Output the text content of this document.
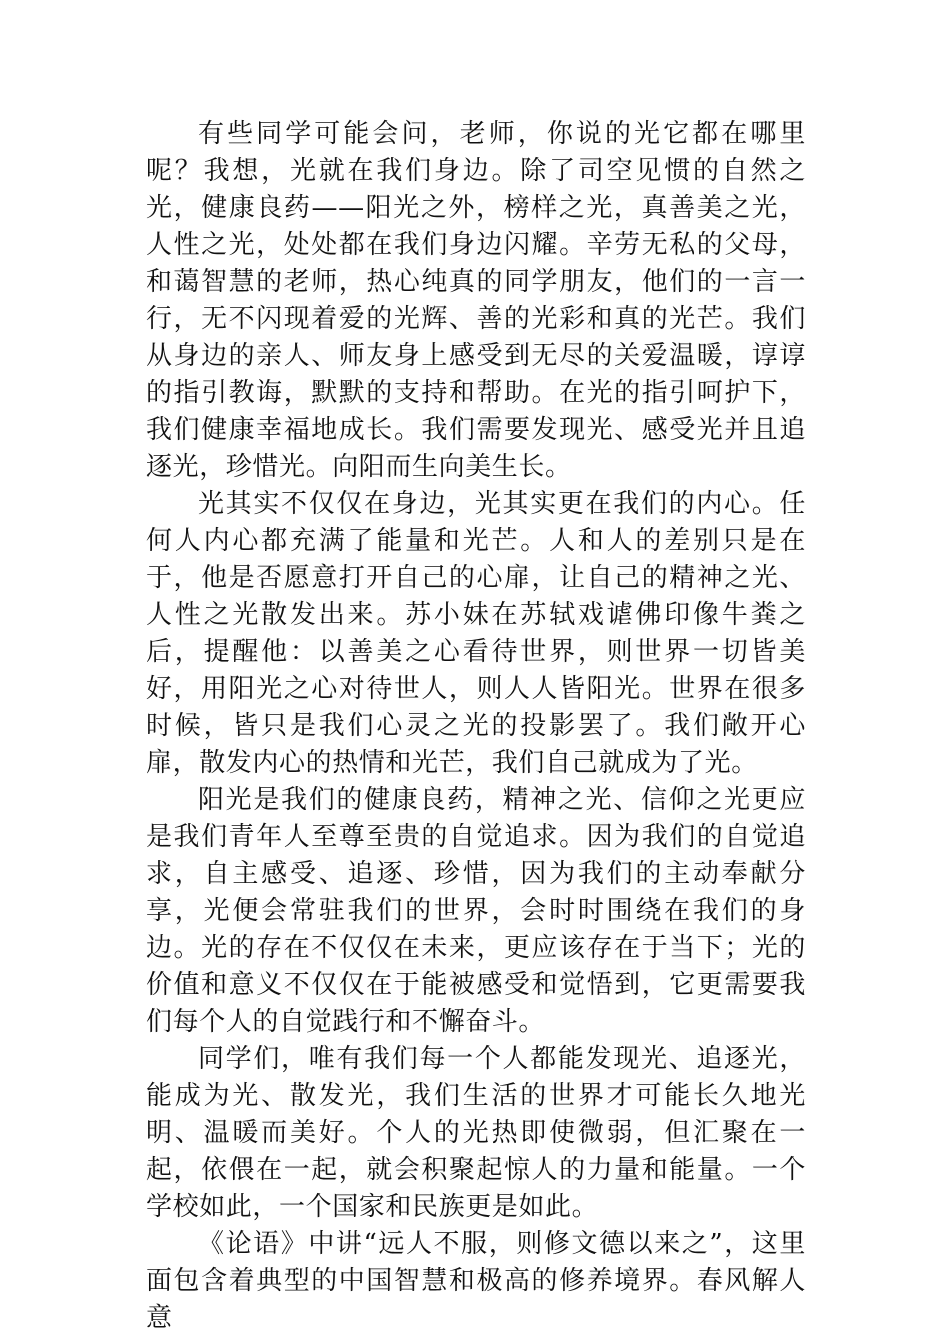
有些同学可能会问，老师，你说的光它都在哪里呢？我想，光就在我们身边。除了司空见惯的自然之光，健康良药——阳光之外，榜样之光，真善美之光，人性之光，处处都在我们身边闪耀。辛劳无私的父母，和蔼智慧的老师，热心纯真的同学朋友，他们的一言一行，无不闪现着爱的光辉、善的光彩和真的光芒。我们从身边的亲人、师友身上感受到无尽的关爱温暖，谆谆的指引教诲，默默的支持和帮助。在光的指引呵护下，我们健康幸福地成长。我们需要发现光、感受光并且追逐光，珍惜光。向阳而生向美生长。

光其实不仅仅在身边，光其实更在我们的内心。任何人内心都充满了能量和光芒。人和人的差别只是在于，他是否愿意打开自己的心扉，让自己的精神之光、人性之光散发出来。苏小妹在苏轼戏谑佛印像牛粪之后，提醒他：以善美之心看待世界，则世界一切皆美好，用阳光之心对待世人，则人人皆阳光。世界在很多时候，皆只是我们心灵之光的投影罢了。我们敞开心扉，散发内心的热情和光芒，我们自己就成为了光。

阳光是我们的健康良药，精神之光、信仰之光更应是我们青年人至尊至贵的自觉追求。因为我们的自觉追求，自主感受、追逐、珍惜，因为我们的主动奉献分享，光便会常驻我们的世界，会时时围绕在我们的身边。光的存在不仅仅在未来，更应该存在于当下；光的价值和意义不仅仅在于能被感受和觉悟到，它更需要我们每个人的自觉践行和不懈奋斗。

同学们，唯有我们每一个人都能发现光、追逐光，能成为光、散发光，我们生活的世界才可能长久地光明、温暖而美好。个人的光热即使微弱，但汇聚在一起，依偎在一起，就会积聚起惊人的力量和能量。一个学校如此，一个国家和民族更是如此。

《论语》中讲“远人不服，则修文德以来之”，这里面包含着典型的中国智慧和极高的修养境界。春风解人意
